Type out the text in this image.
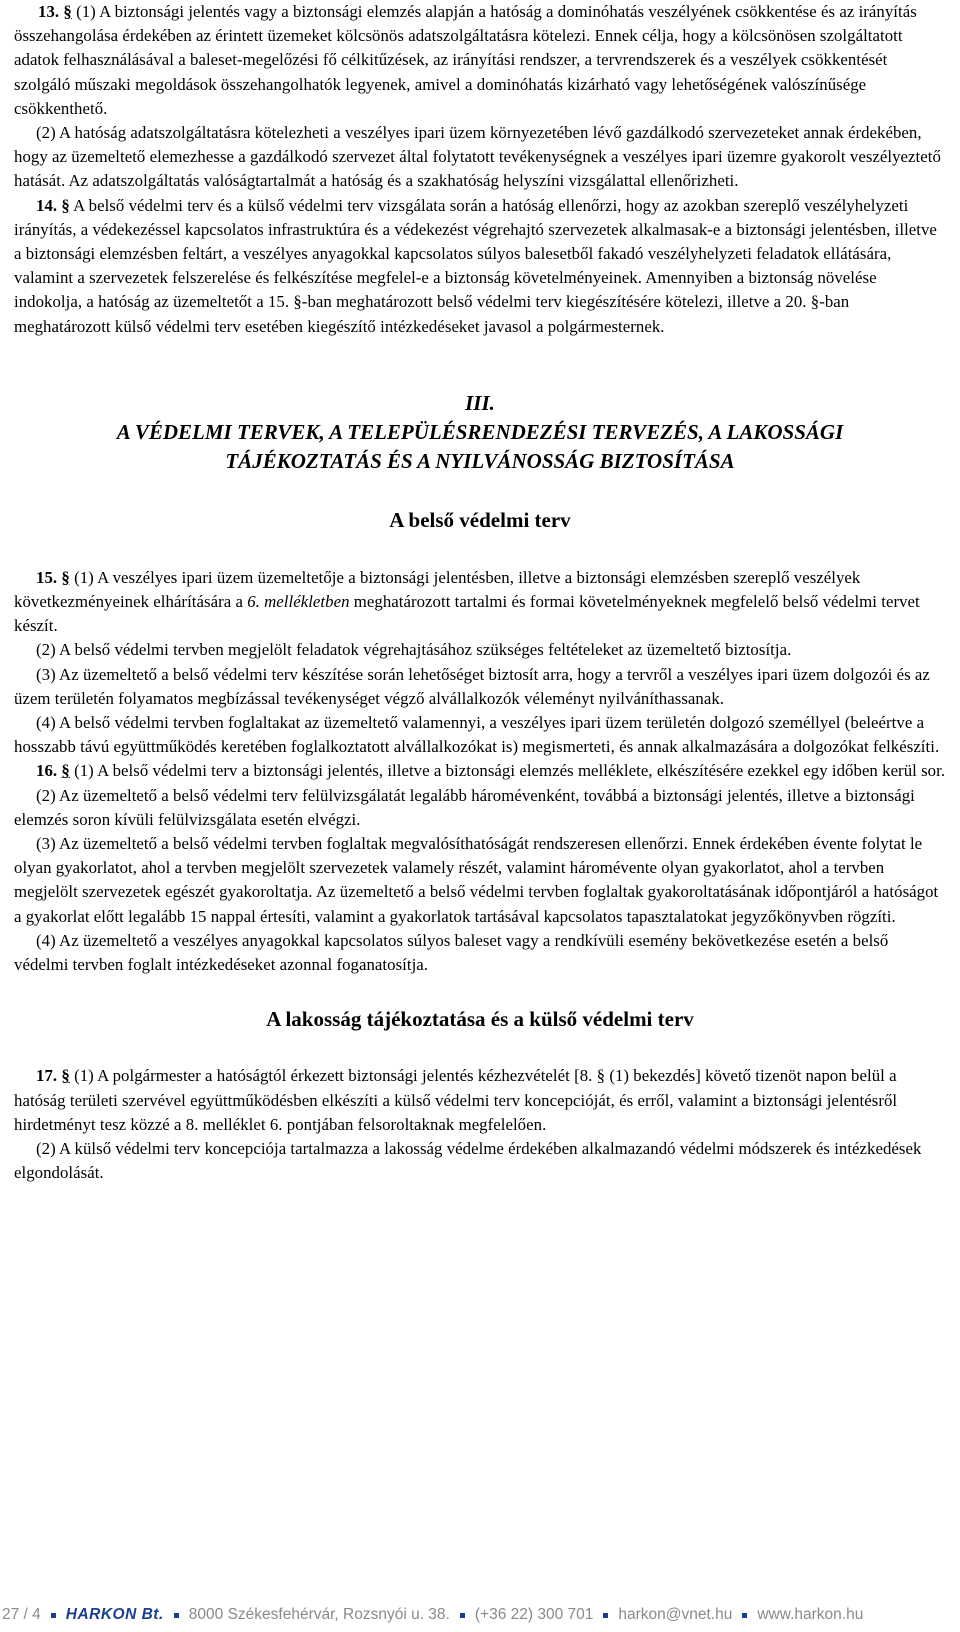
13. § (1) A biztonsági jelentés vagy a biztonsági elemzés alapján a hatóság a dominóhatás veszélyének csökkentése és az irányítás összehangolása érdekében az érintett üzemeket kölcsönös adatszolgáltatásra kötelezi. Ennek célja, hogy a kölcsönösen szolgáltatott adatok felhasználásával a baleset-megelőzési fő célkitűzések, az irányítási rendszer, a tervrendszerek és a veszélyek csökkentését szolgáló műszaki megoldások összehangolhatók legyenek, amivel a dominóhatás kizárható vagy lehetőségének valószínűsége csökkenthető.

(2) A hatóság adatszolgáltatásra kötelezheti a veszélyes ipari üzem környezetében lévő gazdálkodó szervezeteket annak érdekében, hogy az üzemeltető elemezhesse a gazdálkodó szervezet által folytatott tevékenységnek a veszélyes ipari üzemre gyakorolt veszélyeztető hatását. Az adatszolgáltatás valóságtartalmát a hatóság és a szakhatóság helyszíni vizsgálattal ellenőrizheti.

14. § A belső védelmi terv és a külső védelmi terv vizsgálata során a hatóság ellenőrzi, hogy az azokban szereplő veszélyhelyzeti irányítás, a védekezéssel kapcsolatos infrastruktúra és a védekezést végrehajtó szervezetek alkalmasak-e a biztonsági jelentésben, illetve a biztonsági elemzésben feltárt, a veszélyes anyagokkal kapcsolatos súlyos balesetből fakadó veszélyhelyzeti feladatok ellátására, valamint a szervezetek felszerelése és felkészítése megfelel-e a biztonság követelményeinek. Amennyiben a biztonság növelése indokolja, a hatóság az üzemeltetőt a 15. §-ban meghatározott belső védelmi terv kiegészítésére kötelezi, illetve a 20. §-ban meghatározott külső védelmi terv esetében kiegészítő intézkedéseket javasol a polgármesternek.

III.

A VÉDELMI TERVEK, A TELEPÜLÉSRENDEZÉSI TERVEZÉS, A LAKOSSÁGI

TÁJÉKOZTATÁS ÉS A NYILVÁNOSSÁG BIZTOSÍTÁSA

A belső védelmi terv

15. § (1) A veszélyes ipari üzem üzemeltetője a biztonsági jelentésben, illetve a biztonsági elemzésben szereplő veszélyek következményeinek elhárítására a 6. mellékletben meghatározott tartalmi és formai követelményeknek megfelelő belső védelmi tervet készít.

(2) A belső védelmi tervben megjelölt feladatok végrehajtásához szükséges feltételeket az üzemeltető biztosítja.

(3) Az üzemeltető a belső védelmi terv készítése során lehetőséget biztosít arra, hogy a tervről a veszélyes ipari üzem dolgozói és az üzem területén folyamatos megbízással tevékenységet végző alvállalkozók véleményt nyilváníthassanak.

(4) A belső védelmi tervben foglaltakat az üzemeltető valamennyi, a veszélyes ipari üzem területén dolgozó személlyel (beleértve a hosszabb távú együttműködés keretében foglalkoztatott alvállalkozókat is) megismerteti, és annak alkalmazására a dolgozókat felkészíti.

16. § (1) A belső védelmi terv a biztonsági jelentés, illetve a biztonsági elemzés melléklete, elkészítésére ezekkel egy időben kerül sor.

(2) Az üzemeltető a belső védelmi terv felülvizsgálatát legalább háromévenként, továbbá a biztonsági jelentés, illetve a biztonsági elemzés soron kívüli felülvizsgálata esetén elvégzi.

(3) Az üzemeltető a belső védelmi tervben foglaltak megvalósíthatóságát rendszeresen ellenőrzi. Ennek érdekében évente folytat le olyan gyakorlatot, ahol a tervben megjelölt szervezetek valamely részét, valamint háromévente olyan gyakorlatot, ahol a tervben megjelölt szervezetek egészét gyakoroltatja. Az üzemeltető a belső védelmi tervben foglaltak gyakoroltatásának időpontjáról a hatóságot a gyakorlat előtt legalább 15 nappal értesíti, valamint a gyakorlatok tartásával kapcsolatos tapasztalatokat jegyzőkönyvben rögzíti.

(4) Az üzemeltető a veszélyes anyagokkal kapcsolatos súlyos baleset vagy a rendkívüli esemény bekövetkezése esetén a belső védelmi tervben foglalt intézkedéseket azonnal foganatosítja.

A lakosság tájékoztatása és a külső védelmi terv

17. § (1) A polgármester a hatóságtól érkezett biztonsági jelentés kézhezvételét [8. § (1) bekezdés] követő tizenöt napon belül a hatóság területi szervével együttműködésben elkészíti a külső védelmi terv koncepcióját, és erről, valamint a biztonsági jelentésről hirdetményt tesz közzé a 8. melléklet 6. pontjában felsoroltaknak megfelelően.

(2) A külső védelmi terv koncepciója tartalmazza a lakosság védelme érdekében alkalmazandó védelmi módszerek és intézkedések elgondolását.

27 / 4 HARKON Bt. 8000 Székesfehérvár, Rozsnyói u. 38. (+36 22) 300 701 harkon@vnet.hu www.harkon.hu
